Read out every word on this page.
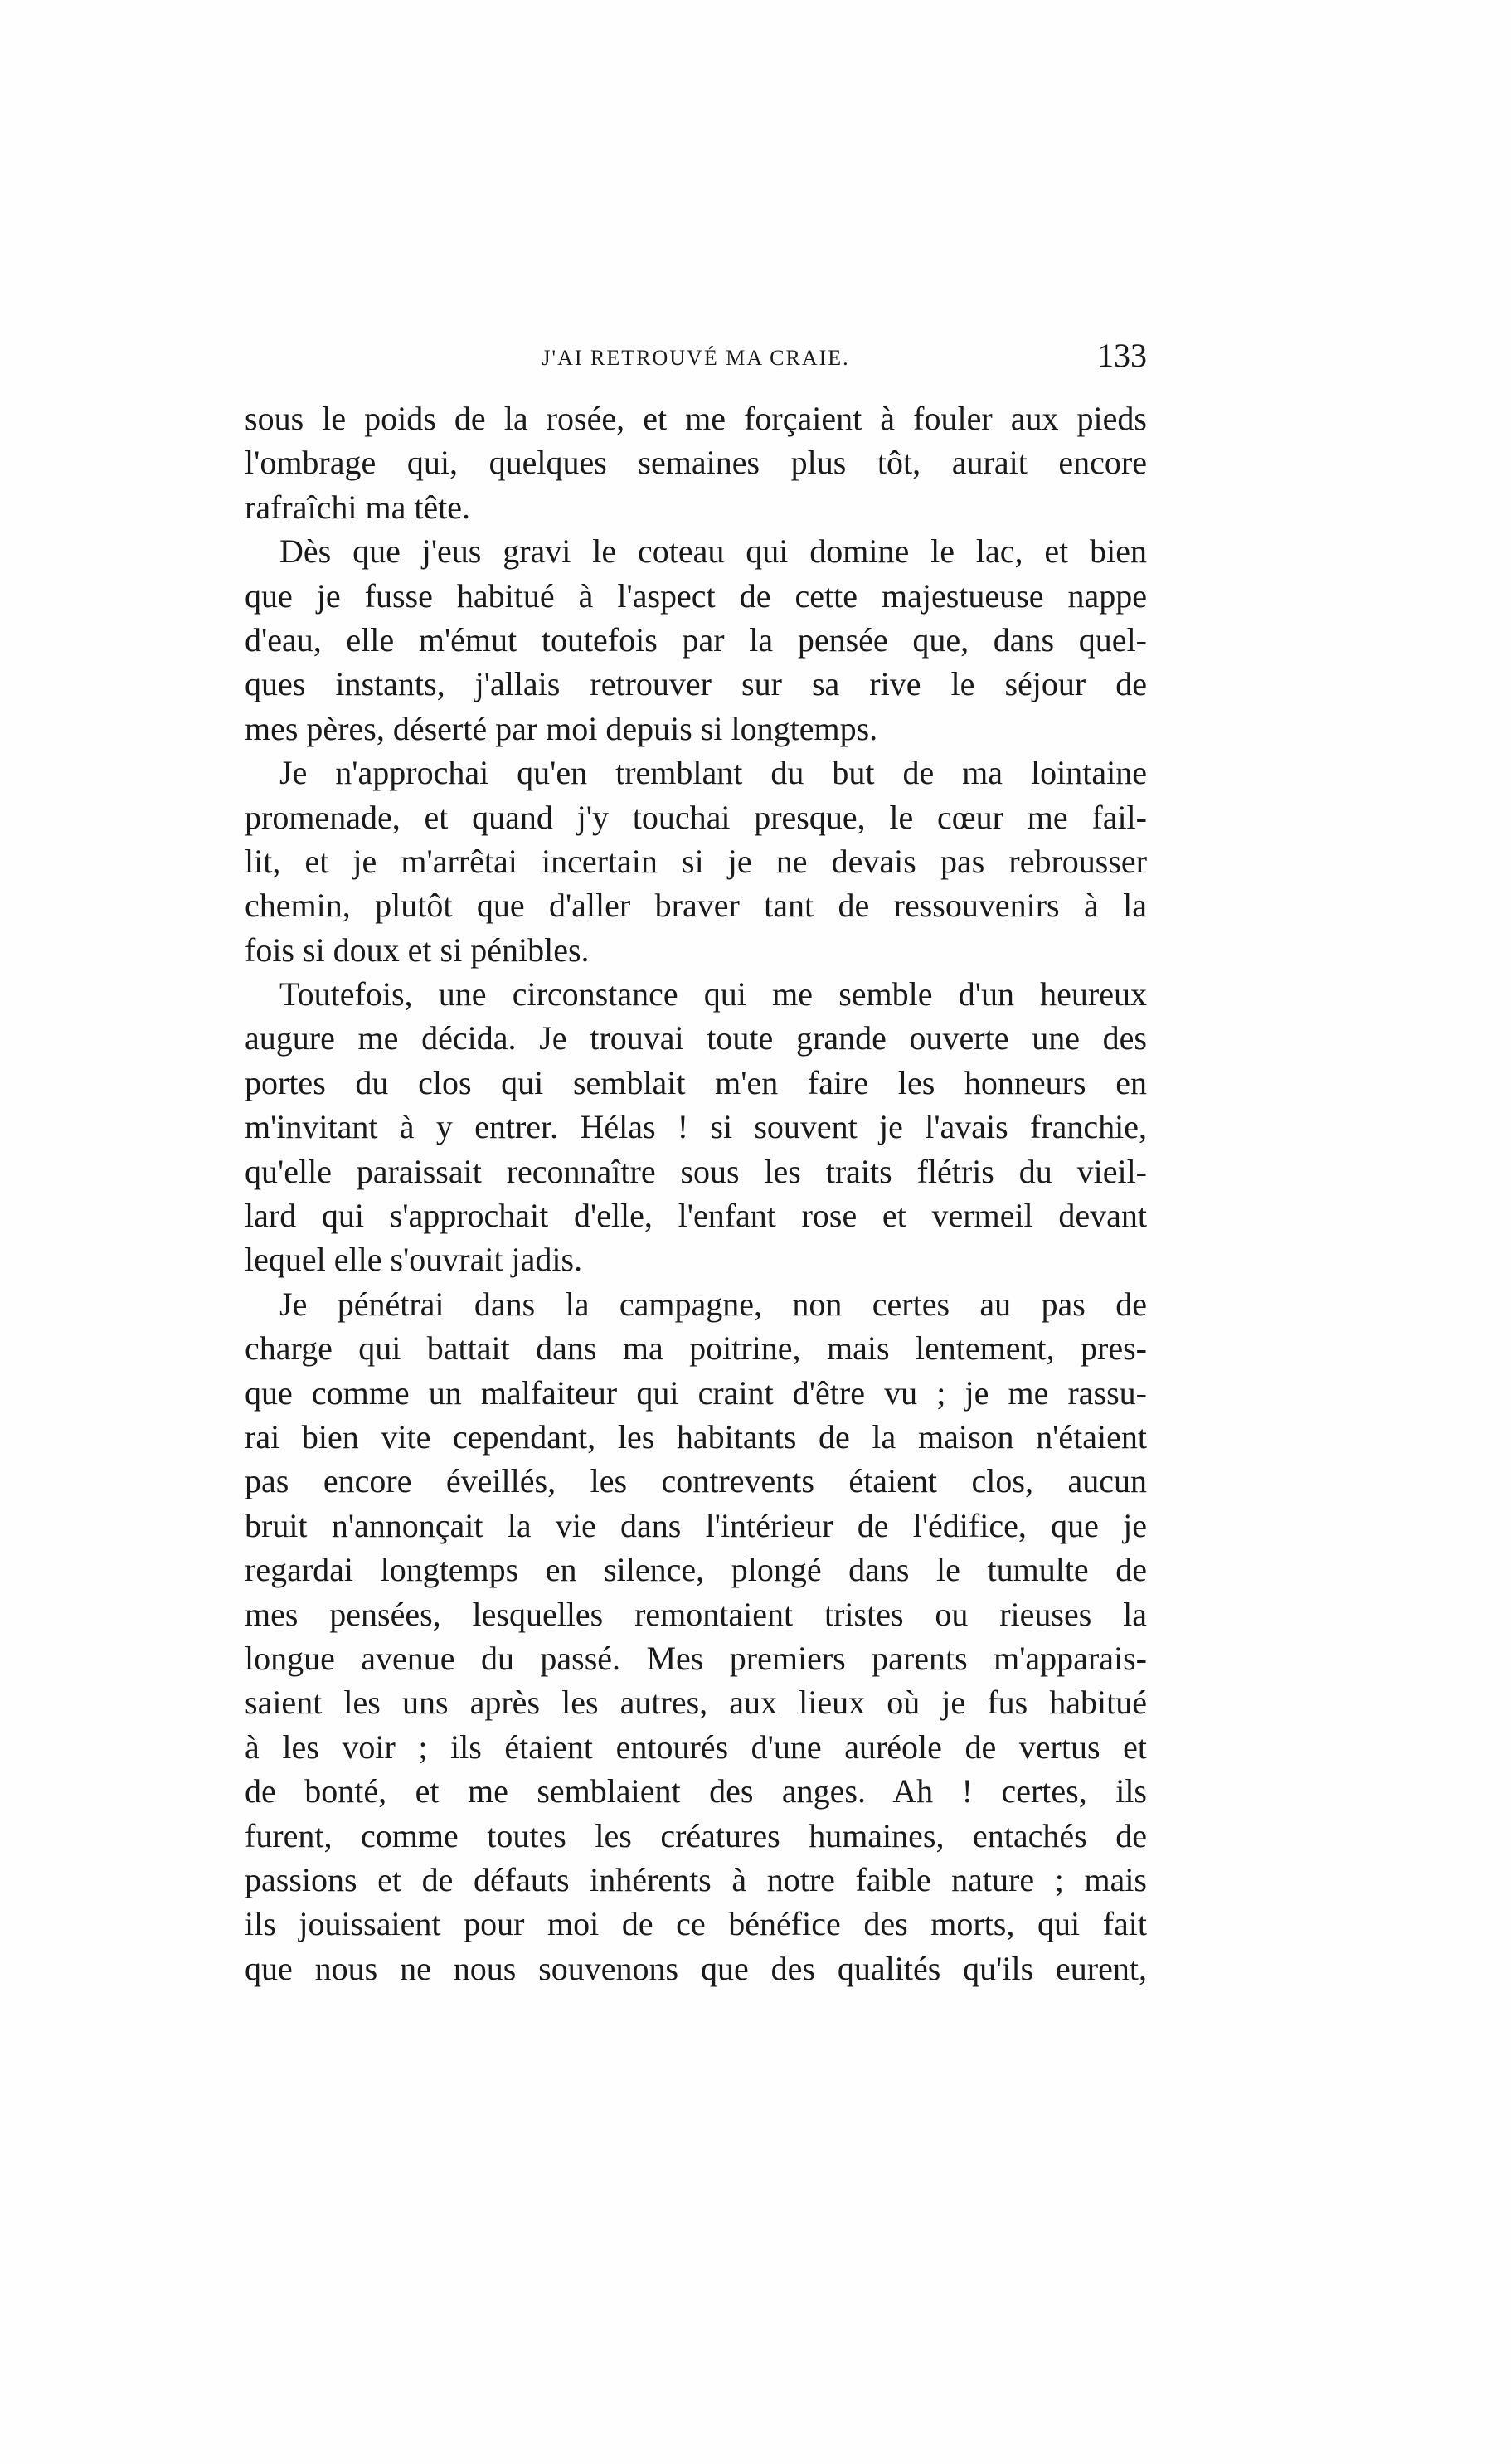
J'AI RETROUVÉ MA CRAIE.	133
sous le poids de la rosée, et me forçaient à fouler aux pieds
l'ombrage qui, quelques semaines plus tôt, aurait encore
rafraîchi ma tête.
Dès que j'eus gravi le coteau qui domine le lac, et bien
que je fusse habitué à l'aspect de cette majestueuse nappe
d'eau, elle m'émut toutefois par la pensée que, dans quel-
ques instants, j'allais retrouver sur sa rive le séjour de
mes pères, déserté par moi depuis si longtemps.
Je n'approchai qu'en tremblant du but de ma lointaine
promenade, et quand j'y touchai presque, le cœur me fail-
lit, et je m'arrêtai incertain si je ne devais pas rebrousser
chemin, plutôt que d'aller braver tant de ressouvenirs à la
fois si doux et si pénibles.
Toutefois, une circonstance qui me semble d'un heureux
augure me décida. Je trouvai toute grande ouverte une des
portes du clos qui semblait m'en faire les honneurs en
m'invitant à y entrer. Hélas ! si souvent je l'avais franchie,
qu'elle paraissait reconnaître sous les traits flétris du vieil-
lard qui s'approchait d'elle, l'enfant rose et vermeil devant
lequel elle s'ouvrait jadis.
Je pénétrai dans la campagne, non certes au pas de
charge qui battait dans ma poitrine, mais lentement, pres-
que comme un malfaiteur qui craint d'être vu ; je me rassu-
rai bien vite cependant, les habitants de la maison n'étaient
pas encore éveillés, les contrevents étaient clos, aucun
bruit n'annonçait la vie dans l'intérieur de l'édifice, que je
regardai longtemps en silence, plongé dans le tumulte de
mes pensées, lesquelles remontaient tristes ou rieuses la
longue avenue du passé. Mes premiers parents m'apparais-
saient les uns après les autres, aux lieux où je fus habitué
à les voir ; ils étaient entourés d'une auréole de vertus et
de bonté, et me semblaient des anges. Ah ! certes, ils
furent, comme toutes les créatures humaines, entachés de
passions et de défauts inhérents à notre faible nature ; mais
ils jouissaient pour moi de ce bénéfice des morts, qui fait
que nous ne nous souvenons que des qualités qu'ils eurent,
